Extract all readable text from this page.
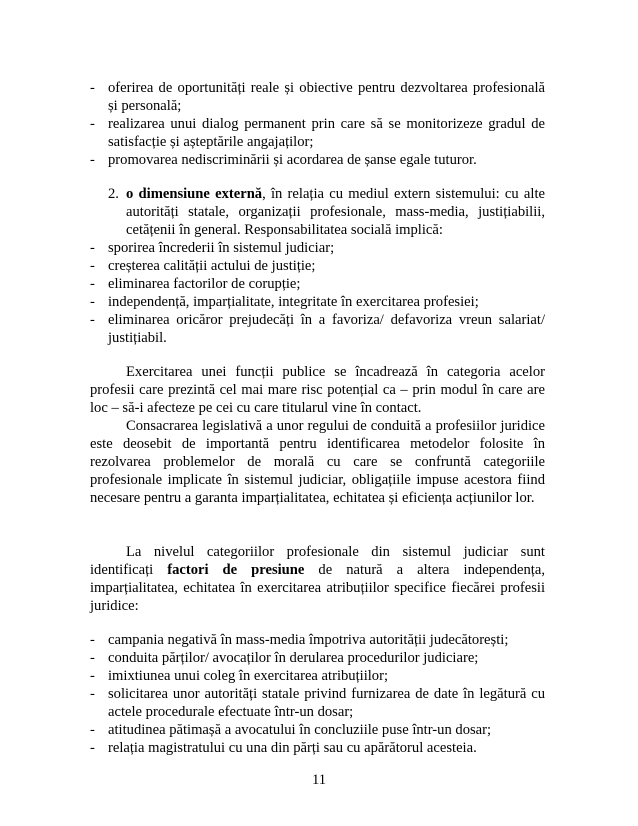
- oferirea de oportunități reale și obiective pentru dezvoltarea profesională și personală;
- realizarea unui dialog permanent prin care să se monitorizeze gradul de satisfacție și așteptările angajaților;
- promovarea nediscriminării și acordarea de șanse egale tuturor.
2. o dimensiune externă, în relația cu mediul extern sistemului: cu alte autorități statale, organizații profesionale, mass-media, justițiabilii, cetățenii în general. Responsabilitatea socială implică:
- sporirea încrederii în sistemul judiciar;
- creșterea calității actului de justiție;
- eliminarea factorilor de corupție;
- independență, imparțialitate, integritate în exercitarea profesiei;
- eliminarea oricăror prejudecăți în a favoriza/ defavoriza vreun salariat/ justițiabil.
Exercitarea unei funcții publice se încadrează în categoria acelor profesii care prezintă cel mai mare risc potențial ca – prin modul în care are loc – să-i afecteze pe cei cu care titularul vine în contact.
Consacrarea legislativă a unor regului de conduită a profesiilor juridice este deosebit de importantă pentru identificarea metodelor folosite în rezolvarea problemelor de morală cu care se confruntă categoriile profesionale implicate în sistemul judiciar, obligațiile impuse acestora fiind necesare pentru a garanta imparțialitatea, echitatea și eficiența acțiunilor lor.
La nivelul categoriilor profesionale din sistemul judiciar sunt identificați factori de presiune de natură a altera independența, imparțialitatea, echitatea în exercitarea atribuțiilor specifice fiecărei profesii juridice:
- campania negativă în mass-media împotriva autorității judecătorești;
- conduita părților/ avocaților în derularea procedurilor judiciare;
- imixtiunea unui coleg în exercitarea atribuțiilor;
- solicitarea unor autorități statale privind furnizarea de date în legătură cu actele procedurale efectuate într-un dosar;
- atitudinea pătimașă a avocatului în concluziile puse într-un dosar;
- relația magistratului cu una din părți sau cu apărătorul acesteia.
11
